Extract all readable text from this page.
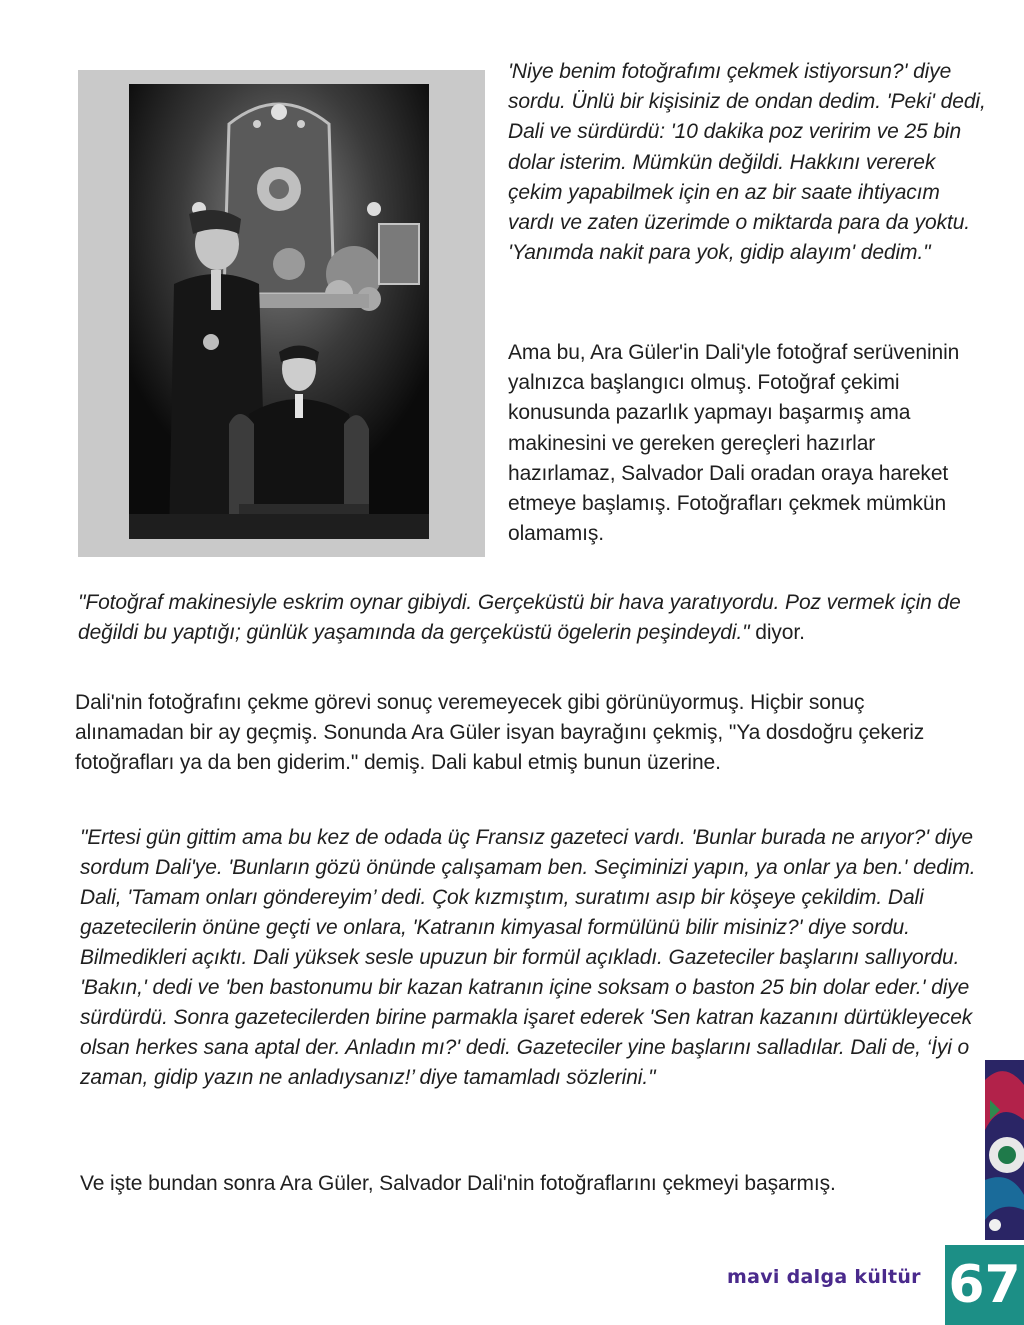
'Niye benim fotoğrafımı çekmek istiyorsun?' diye sordu. Ünlü bir kişisiniz de ondan dedim. 'Peki' dedi, Dali ve sürdürdü: '10 dakika poz veririm ve 25 bin dolar isterim. Mümkün değildi. Hakkını vererek çekim yapabilmek için en az bir saate ihtiyacım vardı ve zaten üzerimde o miktarda para da yoktu. 'Yanımda nakit para yok, gidip alayım' dedim."

Ama bu, Ara Güler'in Dali'yle fotoğraf serüveninin yalnızca başlangıcı olmuş. Fotoğraf çekimi konusunda pazarlık yapmayı başarmış ama makinesini ve gereken gereçleri hazırlar hazırlamaz, Salvador Dali oradan oraya hareket etmeye başlamış. Fotoğrafları çekmek mümkün olamamış.

"Fotoğraf makinesiyle eskrim oynar gibiydi. Gerçeküstü bir hava yaratıyordu. Poz vermek için de değildi bu yaptığı; günlük yaşamında da gerçeküstü ögelerin peşindeydi." diyor.

Dali'nin fotoğrafını çekme görevi sonuç veremeyecek gibi görünüyormuş. Hiçbir sonuç alınamadan bir ay geçmiş. Sonunda Ara Güler isyan bayrağını çekmiş, "Ya dosdoğru çekeriz fotoğrafları ya da ben giderim." demiş. Dali kabul etmiş bunun üzerine.

"Ertesi gün gittim ama bu kez de odada üç Fransız gazeteci vardı. 'Bunlar burada ne arıyor?' diye sordum Dali'ye. 'Bunların gözü önünde çalışamam ben. Seçiminizi yapın, ya onlar ya ben.' dedim. Dali, 'Tamam onları göndereyim’ dedi. Çok kızmıştım, suratımı asıp bir köşeye çekildim. Dali gazetecilerin önüne geçti ve onlara, 'Katranın kimyasal formülünü bilir misiniz?' diye sordu. Bilmedikleri açıktı. Dali yüksek sesle upuzun bir formül açıkladı. Gazeteciler başlarını sallıyordu. 'Bakın,' dedi ve 'ben bastonumu bir kazan katranın içine soksam o baston 25 bin dolar eder.' diye sürdürdü. Sonra gazetecilerden birine parmakla işaret ederek 'Sen katran kazanını dürtükleyecek olsan herkes sana aptal der. Anladın mı?' dedi. Gazeteciler yine başlarını salladılar. Dali de, ‘İyi o zaman, gidip yazın ne anladıysanız!’ diye tamamladı sözlerini."

Ve işte bundan sonra Ara Güler, Salvador Dali'nin fotoğraflarını çekmeyi başarmış.

mavi dalga kültür 67
